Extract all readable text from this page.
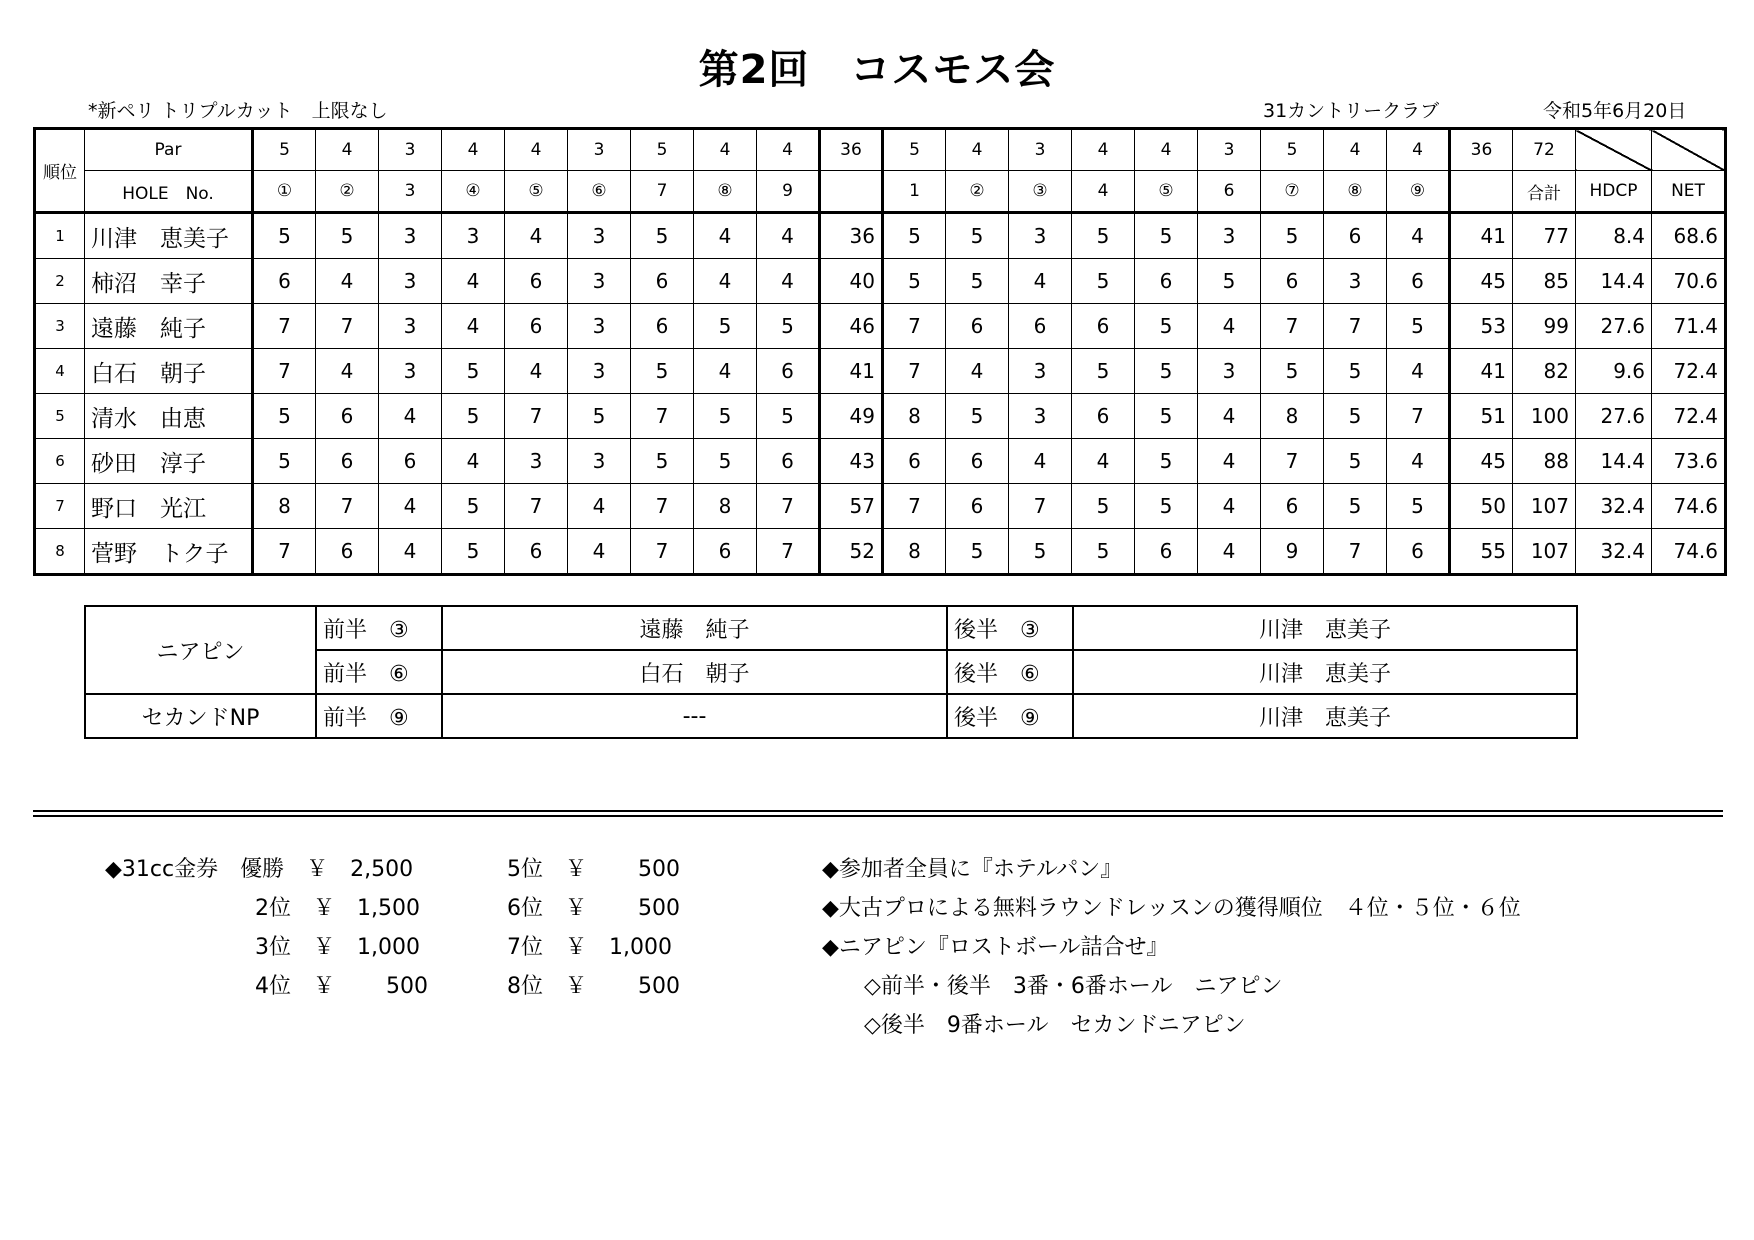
第2回　コスモス会
*新ペリ トリプルカット　上限なし	31カントリークラブ	令和5年6月20日
順位	Par	5	4	3	4	4	3	5	4	4	36	5	4	3	4	4	3	5	4	4	36	72		
	HOLE　No.	①	②	3	④	⑤	⑥	7	⑧	9		1	②	③	4	⑤	6	⑦	⑧	⑨		合計	HDCP	NET
1	川津　恵美子	5	5	3	3	4	3	5	4	4	36	5	5	3	5	5	3	5	6	4	41	77	8.4	68.6
2	柿沼　幸子	6	4	3	4	6	3	6	4	4	40	5	5	4	5	6	5	6	3	6	45	85	14.4	70.6
3	遠藤　純子	7	7	3	4	6	3	6	5	5	46	7	6	6	6	5	4	7	7	5	53	99	27.6	71.4
4	白石　朝子	7	4	3	5	4	3	5	4	6	41	7	4	3	5	5	3	5	5	4	41	82	9.6	72.4
5	清水　由恵	5	6	4	5	7	5	7	5	5	49	8	5	3	6	5	4	8	5	7	51	100	27.6	72.4
6	砂田　淳子	5	6	6	4	3	3	5	5	6	43	6	6	4	4	5	4	7	5	4	45	88	14.4	73.6
7	野口　光江	8	7	4	5	7	4	7	8	7	57	7	6	7	5	5	4	6	5	5	50	107	32.4	74.6
8	菅野　トク子	7	6	4	5	6	4	7	6	7	52	8	5	5	5	6	4	9	7	6	55	107	32.4	74.6
ニアピン	前半　③	遠藤　純子	後半　③	川津　恵美子
	前半　⑥	白石　朝子	後半　⑥	川津　恵美子
セカンドNP	前半　⑨	---	後半　⑨	川津　恵美子
◆31cc金券　優勝　￥　2,500
2位　￥　1,500
3位　￥　1,000
4位　￥　 　500
5位　￥　 　500
6位　￥　 　500
7位　￥　1,000
8位　￥　 　500
◆参加者全員に『ホテルパン』
◆大古プロによる無料ラウンドレッスンの獲得順位　４位・５位・６位
◆ニアピン『ロストボール詰合せ』
◇前半・後半　3番・6番ホール　ニアピン
◇後半　9番ホール　セカンドニアピン
